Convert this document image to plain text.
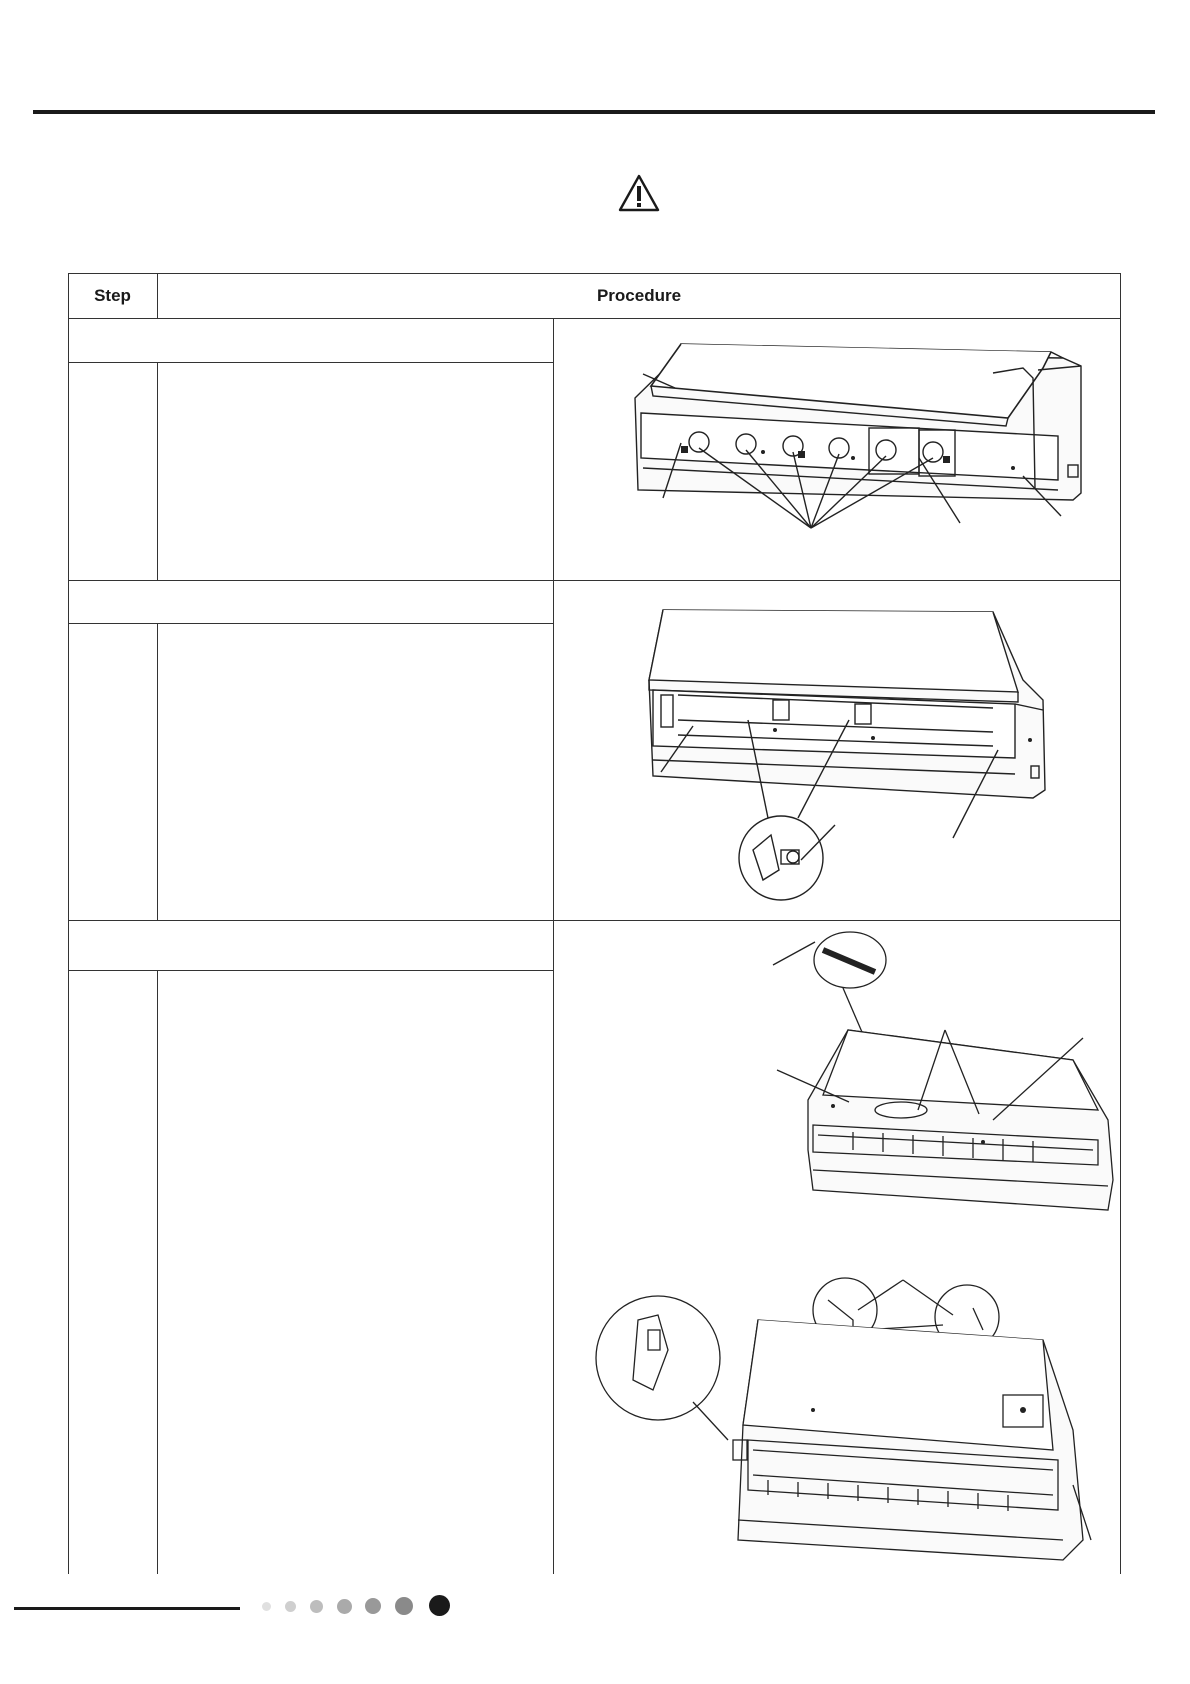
Step	Procedure
